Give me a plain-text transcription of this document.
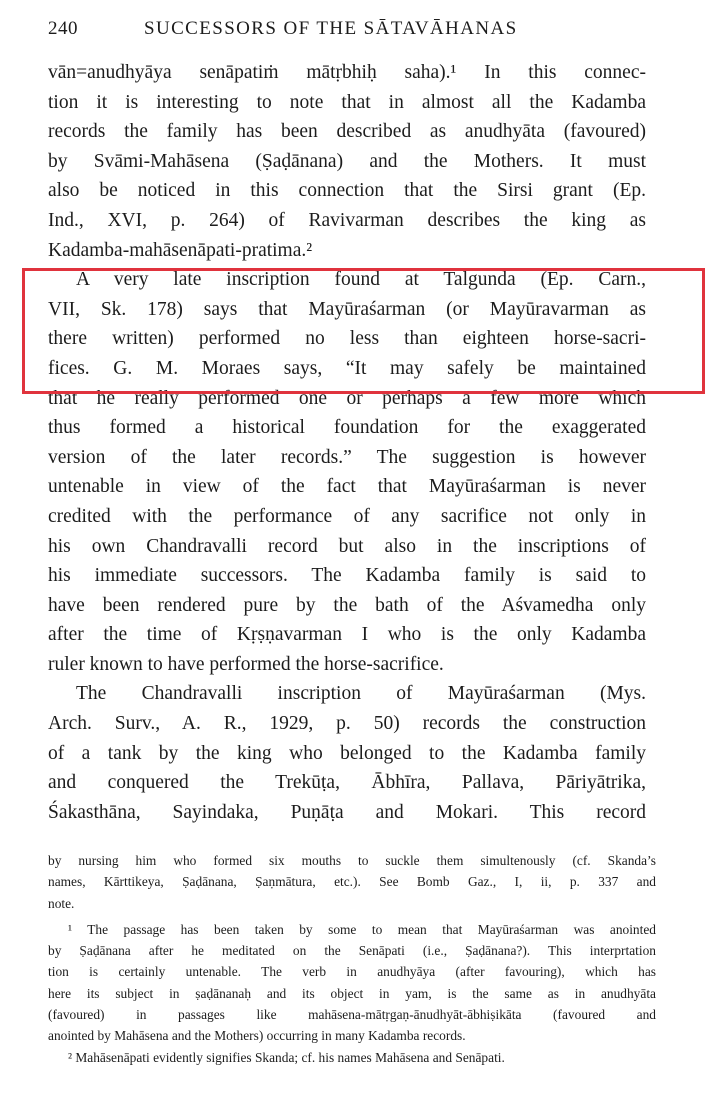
240	SUCCESSORS OF THE SĀTAVĀHANAS
vān=anudhyāya senāpatiṁ mātṛbhiḥ saha).¹ In this connec-
tion it is interesting to note that in almost all the Kadamba
records the family has been described as anudhyāta (favoured)
by Svāmi-Mahāsena (Ṣaḍānana) and the Mothers. It must
also be noticed in this connection that the Sirsi grant (Ep.
Ind., XVI, p. 264) of Ravivarman describes the king as
Kadamba-mahāsenāpati-pratima.²
A very late inscription found at Talgunda (Ep. Carn.,
VII, Sk. 178) says that Mayūraśarman (or Mayūravarman as
there written) performed no less than eighteen horse-sacri-
fices. G. M. Moraes says, “It may safely be maintained
that he really performed one or perhaps a few more which
thus formed a historical foundation for the exaggerated
version of the later records.” The suggestion is however
untenable in view of the fact that Mayūraśarman is never
credited with the performance of any sacrifice not only in
his own Chandravalli record but also in the inscriptions of
his immediate successors. The Kadamba family is said to
have been rendered pure by the bath of the Aśvamedha only
after the time of Kṛṣṇavarman I who is the only Kadamba
ruler known to have performed the horse-sacrifice.
The Chandravalli inscription of Mayūraśarman (Mys.
Arch. Surv., A. R., 1929, p. 50) records the construction
of a tank by the king who belonged to the Kadamba family
and conquered the Trekūṭa, Ābhīra, Pallava, Pāriyātrika,
Śakasthāna, Sayindaka, Puṇāṭa and Mokari. This record
by nursing him who formed six mouths to suckle them simultenously (cf. Skanda’s
names, Kārttikeya, Ṣaḍānana, Ṣaṇmātura, etc.). See Bomb Gaz., I, ii, p. 337 and
note.
¹ The passage has been taken by some to mean that Mayūraśarman was anointed
by Ṣaḍānana after he meditated on the Senāpati (i.e., Ṣaḍānana?). This interprtation
tion is certainly untenable. The verb in anudhyāya (after favouring), which has
here its subject in ṣaḍānanaḥ and its object in yam, is the same as in anudhyāta
(favoured) in passages like mahāsena-mātṛgaṇ-ānudhyāt-ābhiṣikāta (favoured and
anointed by Mahāsena and the Mothers) occurring in many Kadamba records.
² Mahāsenāpati evidently signifies Skanda; cf. his names Mahāsena and Senāpati.
